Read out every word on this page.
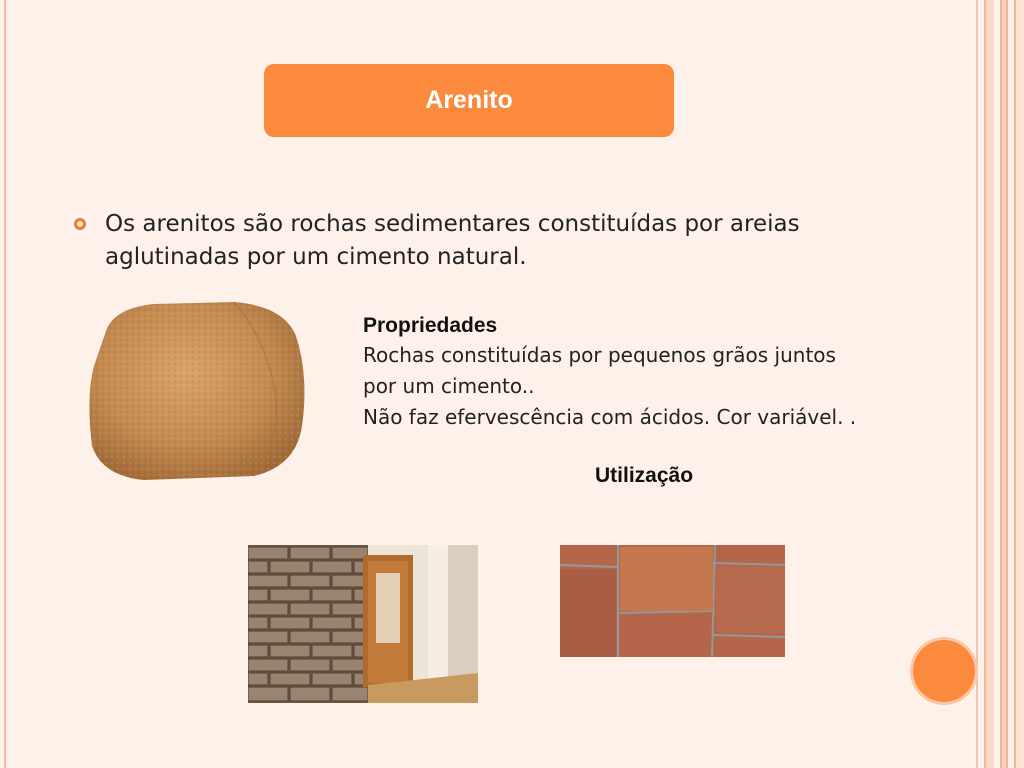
Arenito

Os arenitos são rochas sedimentares constituídas por areias aglutinadas por um cimento natural.

Propriedades
Rochas constituídas por pequenos grãos juntos
por um cimento..
Não faz efervescência com ácidos. Cor variável. .
Utilização
